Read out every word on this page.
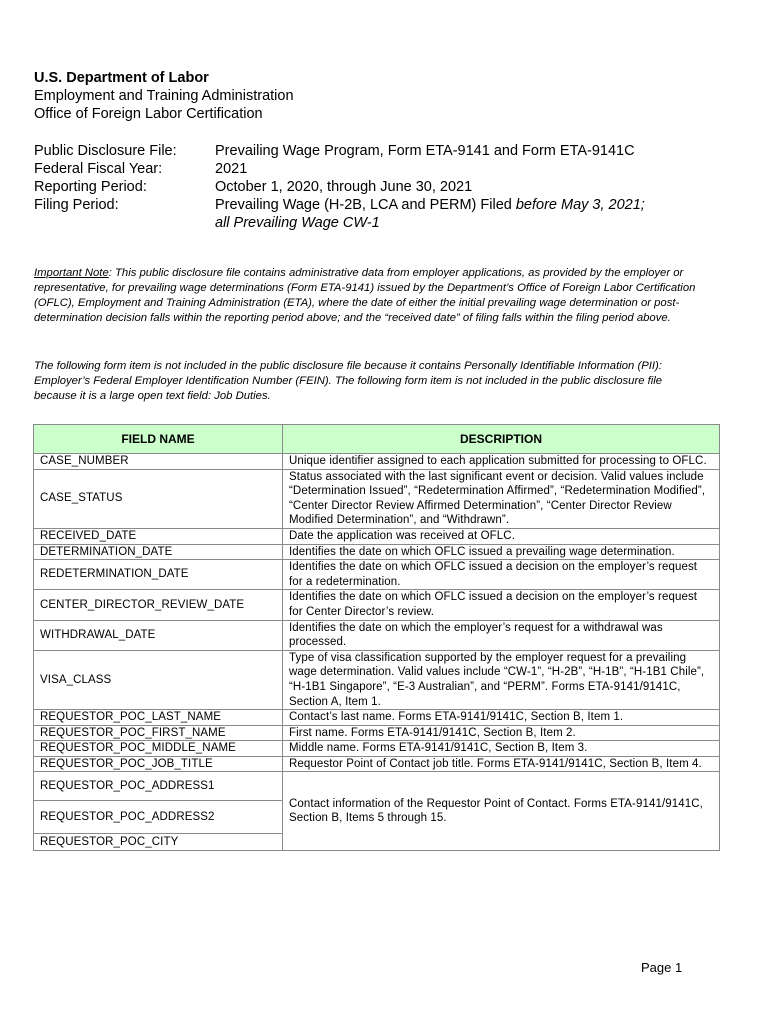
U.S. Department of Labor
Employment and Training Administration
Office of Foreign Labor Certification
Public Disclosure File:	Prevailing Wage Program, Form ETA-9141 and Form ETA-9141C
Federal Fiscal Year:	2021
Reporting Period:	October 1, 2020, through June 30, 2021
Filing Period:	Prevailing Wage (H-2B, LCA and PERM) Filed before May 3, 2021;
all Prevailing Wage CW-1
Important Note: This public disclosure file contains administrative data from employer applications, as provided by the employer or representative, for prevailing wage determinations (Form ETA-9141) issued by the Department’s Office of Foreign Labor Certification (OFLC), Employment and Training Administration (ETA), where the date of either the initial prevailing wage determination or post-determination decision falls within the reporting period above; and the “received date” of filing falls within the filing period above.
The following form item is not included in the public disclosure file because it contains Personally Identifiable Information (PII): Employer’s Federal Employer Identification Number (FEIN). The following form item is not included in the public disclosure file because it is a large open text field: Job Duties.
FIELD NAME	DESCRIPTION
CASE_NUMBER	Unique identifier assigned to each application submitted for processing to OFLC.
CASE_STATUS	Status associated with the last significant event or decision. Valid values include “Determination Issued”, “Redetermination Affirmed”, “Redetermination Modified”, “Center Director Review Affirmed Determination”, “Center Director Review Modified Determination”, and “Withdrawn”.
RECEIVED_DATE	Date the application was received at OFLC.
DETERMINATION_DATE	Identifies the date on which OFLC issued a prevailing wage determination.
REDETERMINATION_DATE	Identifies the date on which OFLC issued a decision on the employer’s request for a redetermination.
CENTER_DIRECTOR_REVIEW_DATE	Identifies the date on which OFLC issued a decision on the employer’s request for Center Director’s review.
WITHDRAWAL_DATE	Identifies the date on which the employer’s request for a withdrawal was processed.
VISA_CLASS	Type of visa classification supported by the employer request for a prevailing wage determination. Valid values include “CW-1”, “H-2B”, “H-1B”, “H-1B1 Chile”, “H-1B1 Singapore”, “E-3 Australian”, and “PERM”. Forms ETA-9141/9141C, Section A, Item 1.
REQUESTOR_POC_LAST_NAME	Contact’s last name. Forms ETA-9141/9141C, Section B, Item 1.
REQUESTOR_POC_FIRST_NAME	First name. Forms ETA-9141/9141C, Section B, Item 2.
REQUESTOR_POC_MIDDLE_NAME	Middle name. Forms ETA-9141/9141C, Section B, Item 3.
REQUESTOR_POC_JOB_TITLE	Requestor Point of Contact job title. Forms ETA-9141/9141C, Section B, Item 4.
REQUESTOR_POC_ADDRESS1	Contact information of the Requestor Point of Contact. Forms ETA-9141/9141C, Section B, Items 5 through 15.
REQUESTOR_POC_ADDRESS2	
REQUESTOR_POC_CITY	
Page 1
